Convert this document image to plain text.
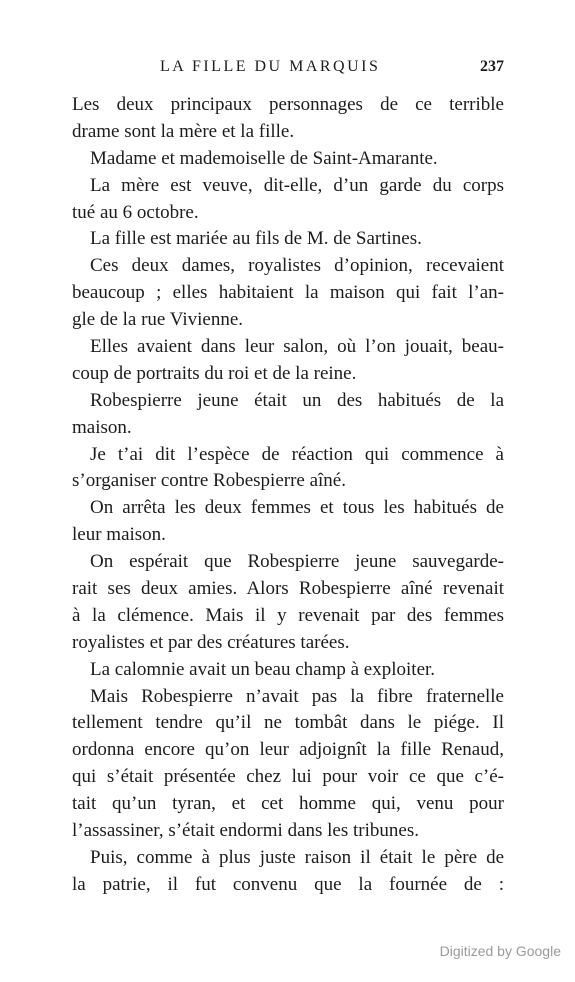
LA FILLE DU MARQUIS	237
Les deux principaux personnages de ce terrible
drame sont la mère et la fille.
Madame et mademoiselle de Saint-Amarante.
La mère est veuve, dit-elle, d’un garde du corps
tué au 6 octobre.
La fille est mariée au fils de M. de Sartines.
Ces deux dames, royalistes d’opinion, recevaient
beaucoup ; elles habitaient la maison qui fait l’an-
gle de la rue Vivienne.
Elles avaient dans leur salon, où l’on jouait, beau-
coup de portraits du roi et de la reine.
Robespierre jeune était un des habitués de la
maison.
Je t’ai dit l’espèce de réaction qui commence à
s’organiser contre Robespierre aîné.
On arrêta les deux femmes et tous les habitués de
leur maison.
On espérait que Robespierre jeune sauvegarde-
rait ses deux amies. Alors Robespierre aîné revenait
à la clémence. Mais il y revenait par des femmes
royalistes et par des créatures tarées.
La calomnie avait un beau champ à exploiter.
Mais Robespierre n’avait pas la fibre fraternelle
tellement tendre qu’il ne tombât dans le piége. Il
ordonna encore qu’on leur adjoignît la fille Renaud,
qui s’était présentée chez lui pour voir ce que c’é-
tait qu’un tyran, et cet homme qui, venu pour
l’assassiner, s’était endormi dans les tribunes.
Puis, comme à plus juste raison il était le père de
la patrie, il fut convenu que la fournée de :
Digitized by Google
